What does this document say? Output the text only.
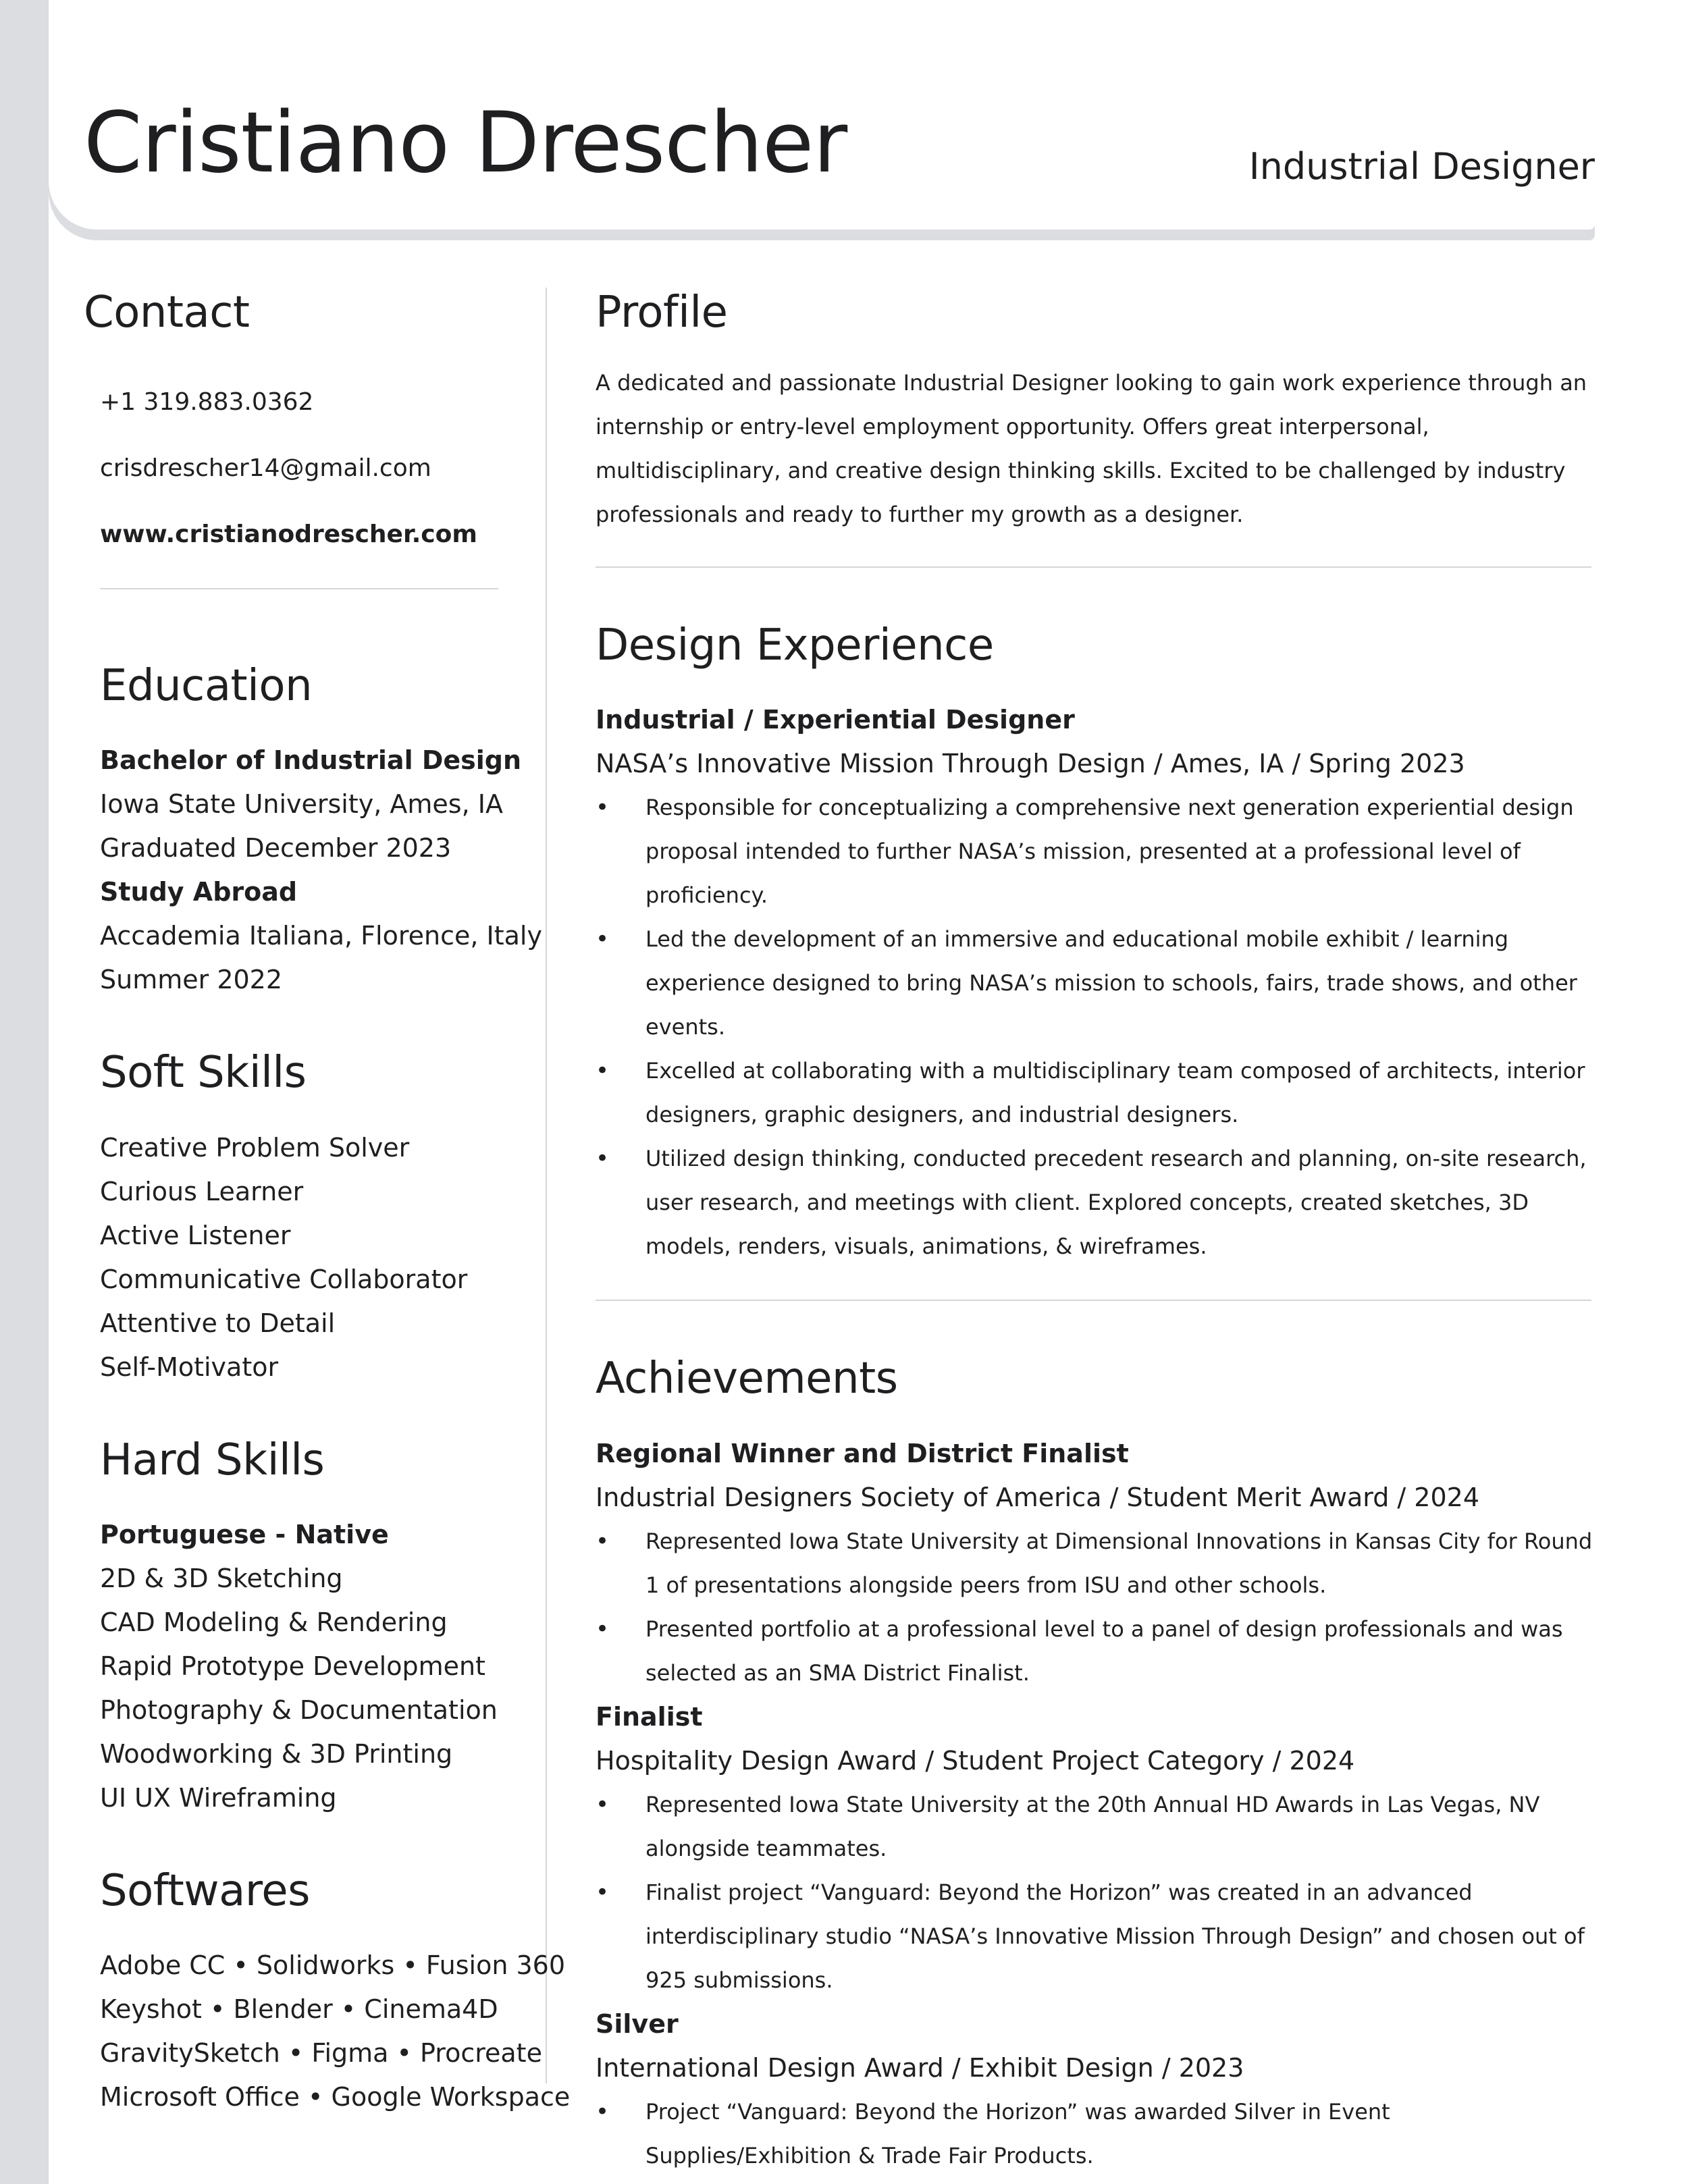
Cristiano Drescher	Industrial Designer
Contact
+1 319.883.0362
crisdrescher14@gmail.com
www.cristianodrescher.com
Education
Bachelor of Industrial Design
Iowa State University, Ames, IA
Graduated December 2023
Study Abroad
Accademia Italiana, Florence, Italy
Summer 2022
Soft Skills
Creative Problem Solver
Curious Learner
Active Listener
Communicative Collaborator
Attentive to Detail
Self-Motivator
Hard Skills
Portuguese - Native
2D & 3D Sketching
CAD Modeling & Rendering
Rapid Prototype Development
Photography & Documentation
Woodworking & 3D Printing
UI UX Wireframing
Softwares
Adobe CC • Solidworks • Fusion 360
Keyshot • Blender • Cinema4D
GravitySketch • Figma • Procreate
Microsoft Office • Google Workspace
Profile

A dedicated and passionate Industrial Designer looking to gain work experience through an internship or entry-level employment opportunity. Offers great interpersonal, multidisciplinary, and creative design thinking skills. Excited to be challenged by industry professionals and ready to further my growth as a designer.

Design Experience
Industrial / Experiential Designer
NASA’s Innovative Mission Through Design / Ames, IA / Spring 2023
• Responsible for conceptualizing a comprehensive next generation experiential design proposal intended to further NASA’s mission, presented at a professional level of proficiency.
• Led the development of an immersive and educational mobile exhibit / learning experience designed to bring NASA’s mission to schools, fairs, trade shows, and other events.
• Excelled at collaborating with a multidisciplinary team composed of architects, interior designers, graphic designers, and industrial designers.
• Utilized design thinking, conducted precedent research and planning, on-site research, user research, and meetings with client. Explored concepts, created sketches, 3D models, renders, visuals, animations, & wireframes.
Achievements
Regional Winner and District Finalist
Industrial Designers Society of America / Student Merit Award / 2024
• Represented Iowa State University at Dimensional Innovations in Kansas City for Round 1 of presentations alongside peers from ISU and other schools.
• Presented portfolio at a professional level to a panel of design professionals and was selected as an SMA District Finalist.
Finalist
Hospitality Design Award / Student Project Category / 2024
• Represented Iowa State University at the 20th Annual HD Awards in Las Vegas, NV alongside teammates.
• Finalist project “Vanguard: Beyond the Horizon” was created in an advanced interdisciplinary studio “NASA’s Innovative Mission Through Design” and chosen out of 925 submissions.
Silver
International Design Award / Exhibit Design / 2023
• Project “Vanguard: Beyond the Horizon” was awarded Silver in Event Supplies/Exhibition & Trade Fair Products.
